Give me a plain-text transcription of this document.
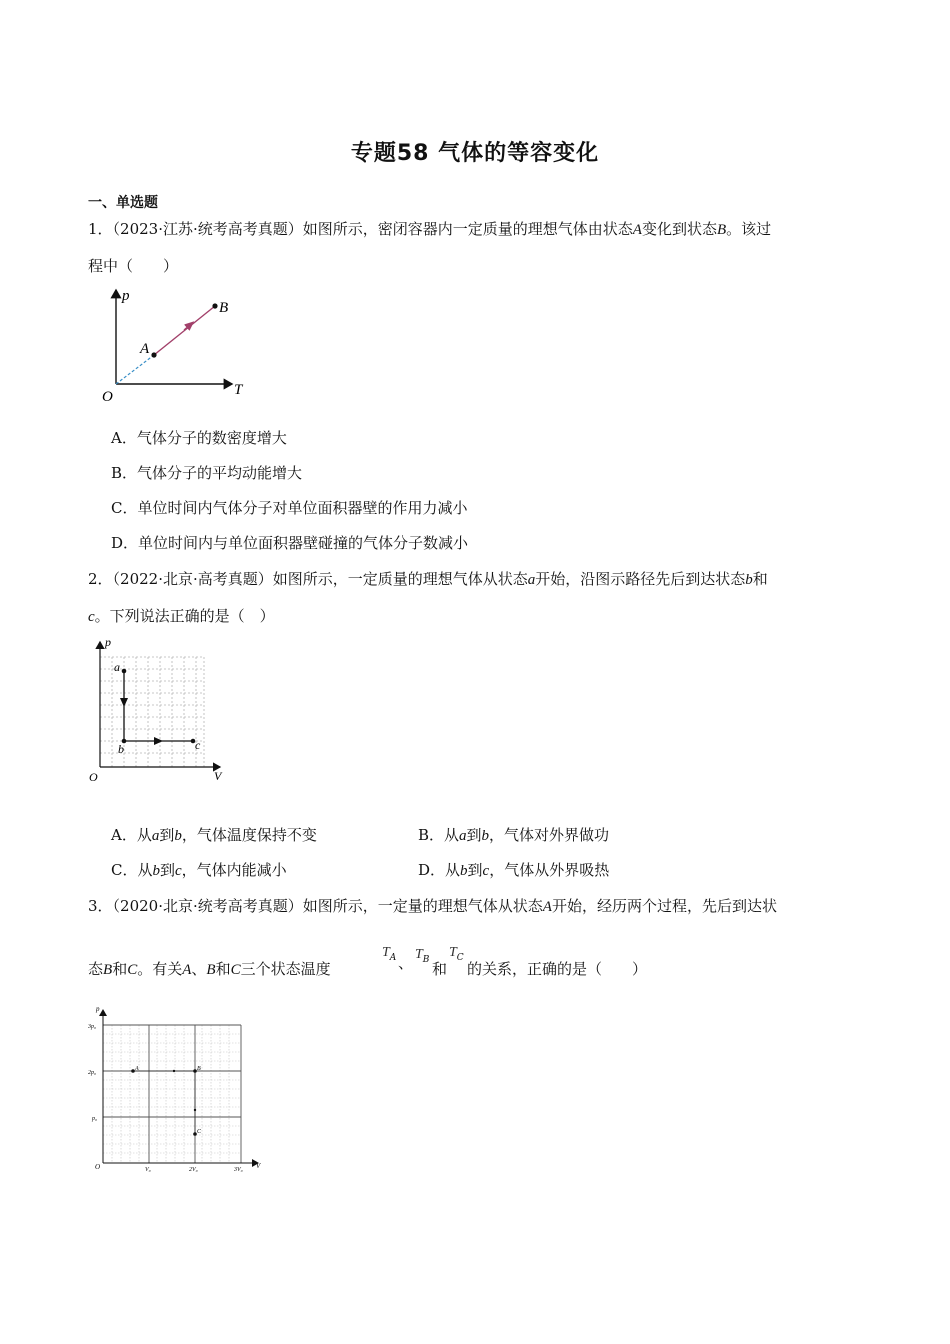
专题58 气体的等容变化
一、单选题
1．（2023·江苏·统考高考真题）如图所示，密闭容器内一定质量的理想气体由状态A变化到状态B。该过
程中（　　）
p
T
O
A
B
A．气体分子的数密度增大
B．气体分子的平均动能增大
C．单位时间内气体分子对单位面积器壁的作用力减小
D．单位时间内与单位面积器壁碰撞的气体分子数减小
2．（2022·北京·高考真题）如图所示，一定质量的理想气体从状态a开始，沿图示路径先后到达状态b和
c。下列说法正确的是（　）
p
V
O
a
b	c
A．从a到b，气体温度保持不变	B．从a到b，气体对外界做功
C．从b到c，气体内能减小	D．从b到c，气体从外界吸热
3．（2020·北京·统考高考真题）如图所示，一定量的理想气体从状态A开始，经历两个过程，先后到达状
态B和C。有关A、B和C三个状态温度
$T_A$ 、 $T_B$ 和
$T_C$
的关系，正确的是（　　）
p
V
O
3p₀
2p₀
p₀
V₀	2V₀	3V₀
A	B
C
